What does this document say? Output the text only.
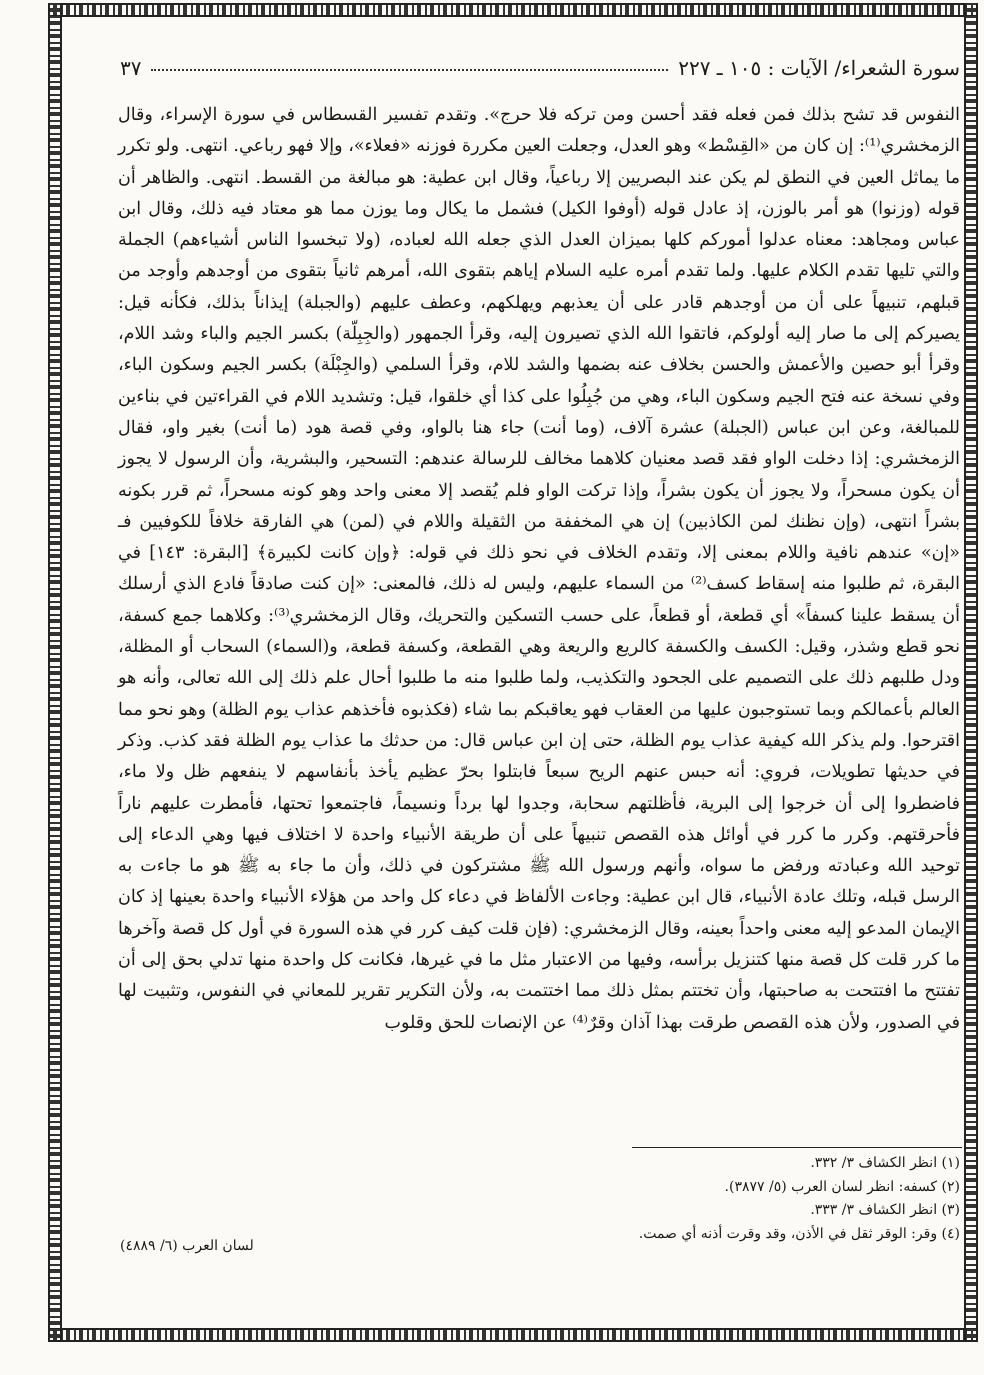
سورة الشعراء/ الآيات : ١٠٥ ـ ٢٢٧
٣٧

النفوس قد تشح بذلك فمن فعله فقد أحسن ومن تركه فلا حرج». وتقدم تفسير القسطاس في سورة الإسراء، وقال الزمخشري⁽¹⁾: إن كان من «القِسْط» وهو العدل، وجعلت العين مكررة فوزنه «فعلاء»، وإلا فهو رباعي. انتهى. ولو تكرر ما يماثل العين في النطق لم يكن عند البصريين إلا رباعياً، وقال ابن عطية: هو مبالغة من القسط. انتهى. والظاهر أن قوله (وزنوا) هو أمر بالوزن، إذ عادل قوله (أوفوا الكيل) فشمل ما يكال وما يوزن مما هو معتاد فيه ذلك، وقال ابن عباس ومجاهد: معناه عدلوا أموركم كلها بميزان العدل الذي جعله الله لعباده، (ولا تبخسوا الناس أشياءهم) الجملة والتي تليها تقدم الكلام عليها. ولما تقدم أمره عليه السلام إياهم بتقوى الله، أمرهم ثانياً بتقوى من أوجدهم وأوجد من قبلهم، تنبيهاً على أن من أوجدهم قادر على أن يعذبهم ويهلكهم، وعطف عليهم (والجبلة) إيذاناً بذلك، فكأنه قيل: يصيركم إلى ما صار إليه أولوكم، فاتقوا الله الذي تصيرون إليه، وقرأ الجمهور (والجِبِلّة) بكسر الجيم والباء وشد اللام، وقرأ أبو حصين والأعمش والحسن بخلاف عنه بضمها والشد للام، وقرأ السلمي (والجِبْلَة) بكسر الجيم وسكون الباء، وفي نسخة عنه فتح الجيم وسكون الباء، وهي من جُبِلُوا على كذا أي خلقوا، قيل: وتشديد اللام في القراءتين في بناءين للمبالغة، وعن ابن عباس (الجبلة) عشرة آلاف، (وما أنت) جاء هنا بالواو، وفي قصة هود (ما أنت) بغير واو، فقال الزمخشري: إذا دخلت الواو فقد قصد معنيان كلاهما مخالف للرسالة عندهم: التسحير، والبشرية، وأن الرسول لا يجوز أن يكون مسحراً، ولا يجوز أن يكون بشراً، وإذا تركت الواو فلم يُقصد إلا معنى واحد وهو كونه مسحراً، ثم قرر بكونه بشراً انتهى، (وإن نظنك لمن الكاذبين) إن هي المخففة من الثقيلة واللام في (لمن) هي الفارقة خلافاً للكوفيين فـ «إن» عندهم نافية واللام بمعنى إلا، وتقدم الخلاف في نحو ذلك في قوله: ﴿وإن كانت لكبيرة﴾ [البقرة: ١٤٣] في البقرة، ثم طلبوا منه إسقاط كسف⁽²⁾ من السماء عليهم، وليس له ذلك، فالمعنى: «إن كنت صادقاً فادع الذي أرسلك أن يسقط علينا كسفاً» أي قطعة، أو قطعاً، على حسب التسكين والتحريك، وقال الزمخشري⁽³⁾: وكلاهما جمع كسفة، نحو قطع وشذر، وقيل: الكسف والكسفة كالريع والريعة وهي القطعة، وكسفة قطعة، و(السماء) السحاب أو المظلة، ودل طلبهم ذلك على التصميم على الجحود والتكذيب، ولما طلبوا منه ما طلبوا أحال علم ذلك إلى الله تعالى، وأنه هو العالم بأعمالكم وبما تستوجبون عليها من العقاب فهو يعاقبكم بما شاء (فكذبوه فأخذهم عذاب يوم الظلة) وهو نحو مما اقترحوا. ولم يذكر الله كيفية عذاب يوم الظلة، حتى إن ابن عباس قال: من حدثك ما عذاب يوم الظلة فقد كذب. وذكر في حديثها تطويلات، فروي: أنه حبس عنهم الريح سبعاً فابتلوا بحرّ عظيم يأخذ بأنفاسهم لا ينفعهم ظل ولا ماء، فاضطروا إلى أن خرجوا إلى البرية، فأظلتهم سحابة، وجدوا لها برداً ونسيماً، فاجتمعوا تحتها، فأمطرت عليهم ناراً فأحرقتهم. وكرر ما كرر في أوائل هذه القصص تنبيهاً على أن طريقة الأنبياء واحدة لا اختلاف فيها وهي الدعاء إلى توحيد الله وعبادته ورفض ما سواه، وأنهم ورسول الله ﷺ مشتركون في ذلك، وأن ما جاء به ﷺ هو ما جاءت به الرسل قبله، وتلك عادة الأنبياء، قال ابن عطية: وجاءت الألفاظ في دعاء كل واحد من هؤلاء الأنبياء واحدة بعينها إذ كان الإيمان المدعو إليه معنى واحداً بعينه، وقال الزمخشري: (فإن قلت كيف كرر في هذه السورة في أول كل قصة وآخرها ما كرر قلت كل قصة منها كتنزيل برأسه، وفيها من الاعتبار مثل ما في غيرها، فكانت كل واحدة منها تدلي بحق إلى أن تفتتح ما افتتحت به صاحبتها، وأن تختتم بمثل ذلك مما اختتمت به، ولأن التكرير تقرير للمعاني في النفوس، وتثبيت لها في الصدور، ولأن هذه القصص طرقت بهذا آذان وقرٌ⁽⁴⁾ عن الإنصات للحق وقلوب

(١) انظر الكشاف ٣/ ٣٣٢.
(٢) كسفه: انظر لسان العرب (٥/ ٣٨٧٧).
(٣) انظر الكشاف ٣/ ٣٣٣.
(٤) وقر: الوقر ثقل في الأذن، وقد وقرت أذنه أي صمت.
لسان العرب (٦/ ٤٨٨٩)
